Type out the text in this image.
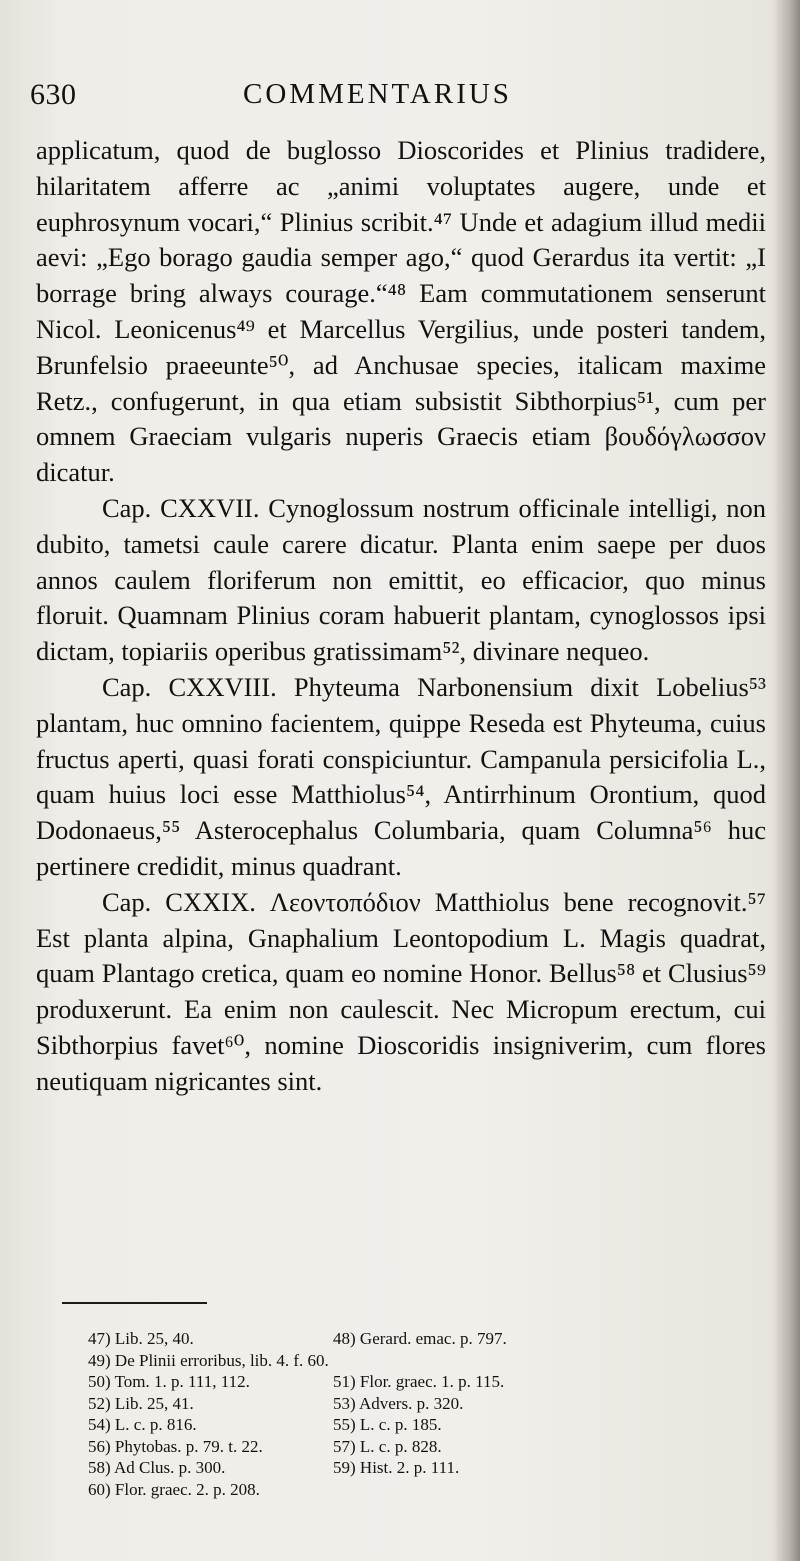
630	COMMENTARIUS

applicatum, quod de buglosso Dioscorides et Plinius tradidere, hilaritatem afferre ac „animi voluptates augere, unde et euphrosynum vocari,“ Plinius scribit.⁴⁷ Unde et adagium illud medii aevi: „Ego borago gaudia semper ago,“ quod Gerardus ita vertit: „I borrage bring always courage.“⁴⁸ Eam commutationem senserunt Nicol. Leonicenus⁴⁹ et Marcellus Vergilius, unde posteri tandem, Brunfelsio praeeunte⁵⁰, ad Anchusae species, italicam maxime Retz., confugerunt, in qua etiam subsistit Sibthorpius⁵¹, cum per omnem Graeciam vulgaris nuperis Graecis etiam βουδόγλωσσον dicatur.

Cap. CXXVII. Cynoglossum nostrum officinale intelligi, non dubito, tametsi caule carere dicatur. Planta enim saepe per duos annos caulem floriferum non emittit, eo efficacior, quo minus floruit. Quamnam Plinius coram habuerit plantam, cynoglossos ipsi dictam, topiariis operibus gratissimam⁵², divinare nequeo.

Cap. CXXVIII. Phyteuma Narbonensium dixit Lobelius⁵³ plantam, huc omnino facientem, quippe Reseda est Phyteuma, cuius fructus aperti, quasi forati conspiciuntur. Campanula persicifolia L., quam huius loci esse Matthiolus⁵⁴, Antirrhinum Orontium, quod Dodonaeus,⁵⁵ Asterocephalus Columbaria, quam Columna⁵⁶ huc pertinere credidit, minus quadrant.

Cap. CXXIX. Λεοντοπόδιον Matthiolus bene recognovit.⁵⁷ Est planta alpina, Gnaphalium Leontopodium L. Magis quadrat, quam Plantago cretica, quam eo nomine Honor. Bellus⁵⁸ et Clusius⁵⁹ produxerunt. Ea enim non caulescit. Nec Micropum erectum, cui Sibthorpius favet⁶⁰, nomine Dioscoridis insigniverim, cum flores neutiquam nigricantes sint.

47) Lib. 25, 40.	48) Gerard. emac. p. 797.
49) De Plinii erroribus, lib. 4. f. 60.
50) Tom. 1. p. 111, 112.	51) Flor. graec. 1. p. 115.
52) Lib. 25, 41.	53) Advers. p. 320.
54) L. c. p. 816.	55) L. c. p. 185.
56) Phytobas. p. 79. t. 22.	57) L. c. p. 828.
58) Ad Clus. p. 300.	59) Hist. 2. p. 111.
60) Flor. graec. 2. p. 208.
